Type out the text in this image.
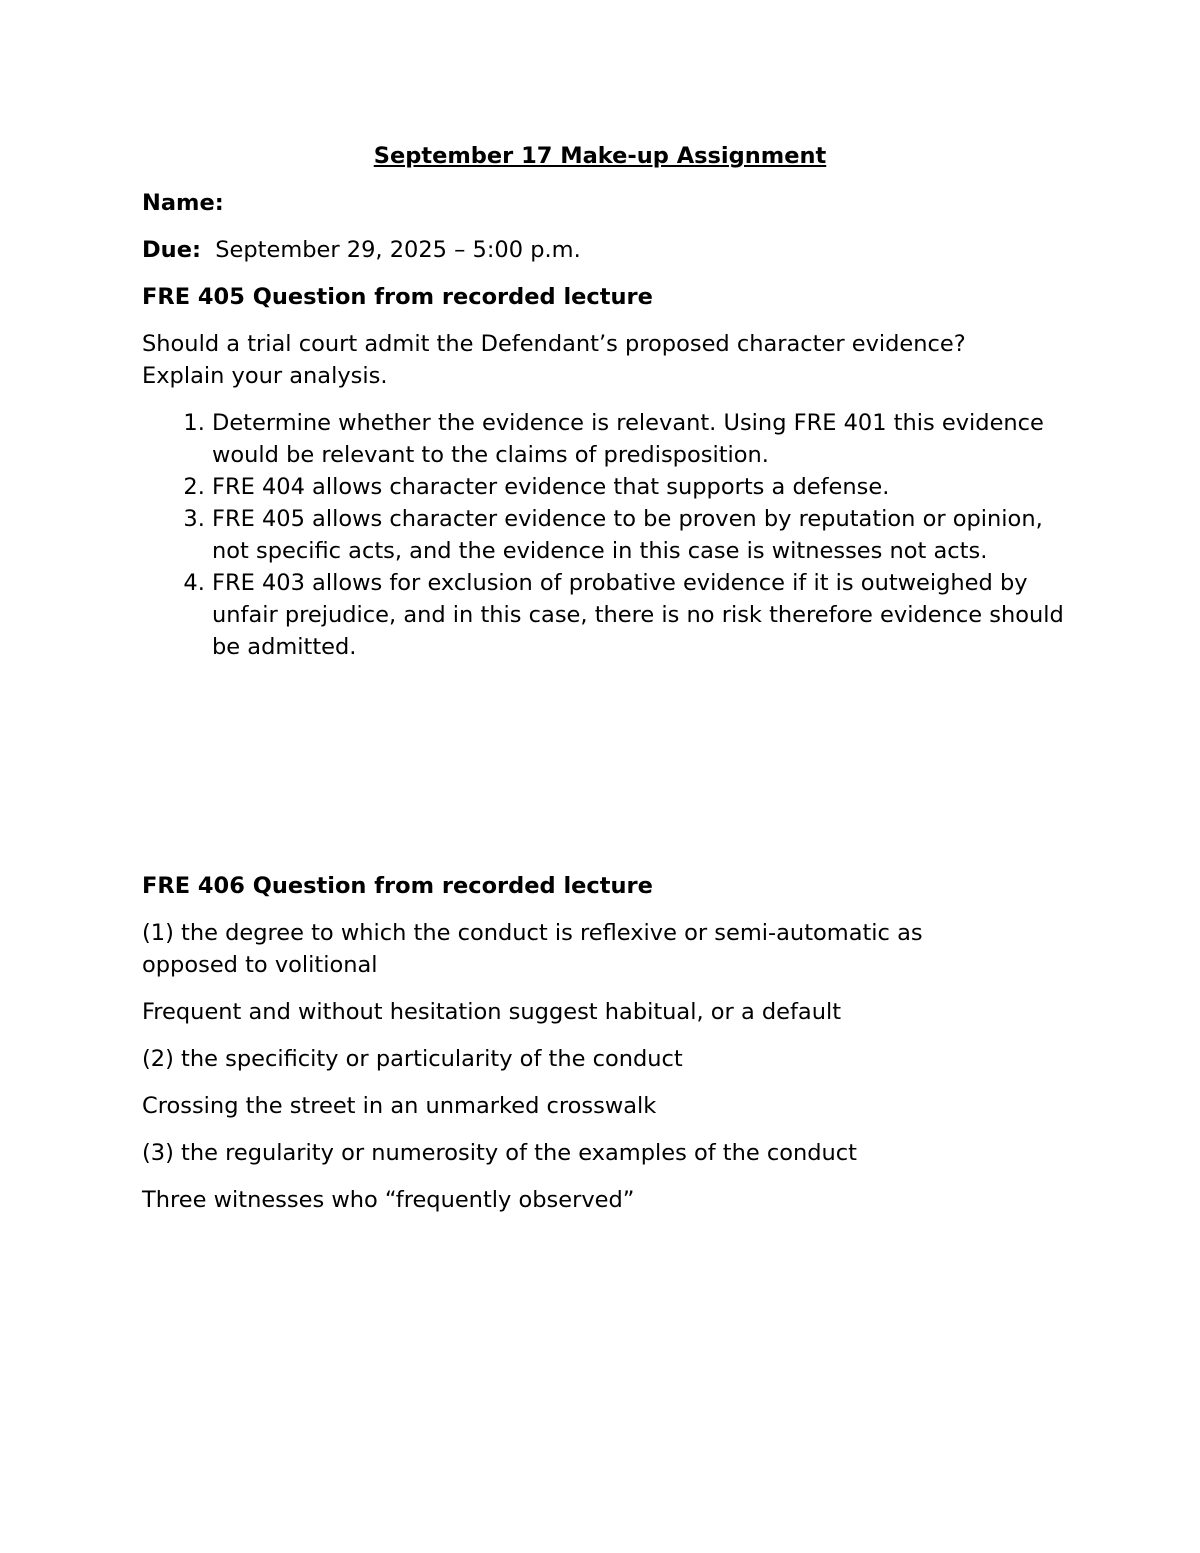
September 17 Make-up Assignment

Name:

Due: September 29, 2025 – 5:00 p.m.

FRE 405 Question from recorded lecture

Should a trial court admit the Defendant’s proposed character evidence?

Explain your analysis.

1. Determine whether the evidence is relevant. Using FRE 401 this evidence would be relevant to the claims of predisposition.
2. FRE 404 allows character evidence that supports a defense.
3. FRE 405 allows character evidence to be proven by reputation or opinion, not specific acts, and the evidence in this case is witnesses not acts.
4. FRE 403 allows for exclusion of probative evidence if it is outweighed by unfair prejudice, and in this case, there is no risk therefore evidence should be admitted.

FRE 406 Question from recorded lecture

(1) the degree to which the conduct is reflexive or semi-automatic as

opposed to volitional

Frequent and without hesitation suggest habitual, or a default

(2) the specificity or particularity of the conduct

Crossing the street in an unmarked crosswalk

(3) the regularity or numerosity of the examples of the conduct

Three witnesses who “frequently observed”
